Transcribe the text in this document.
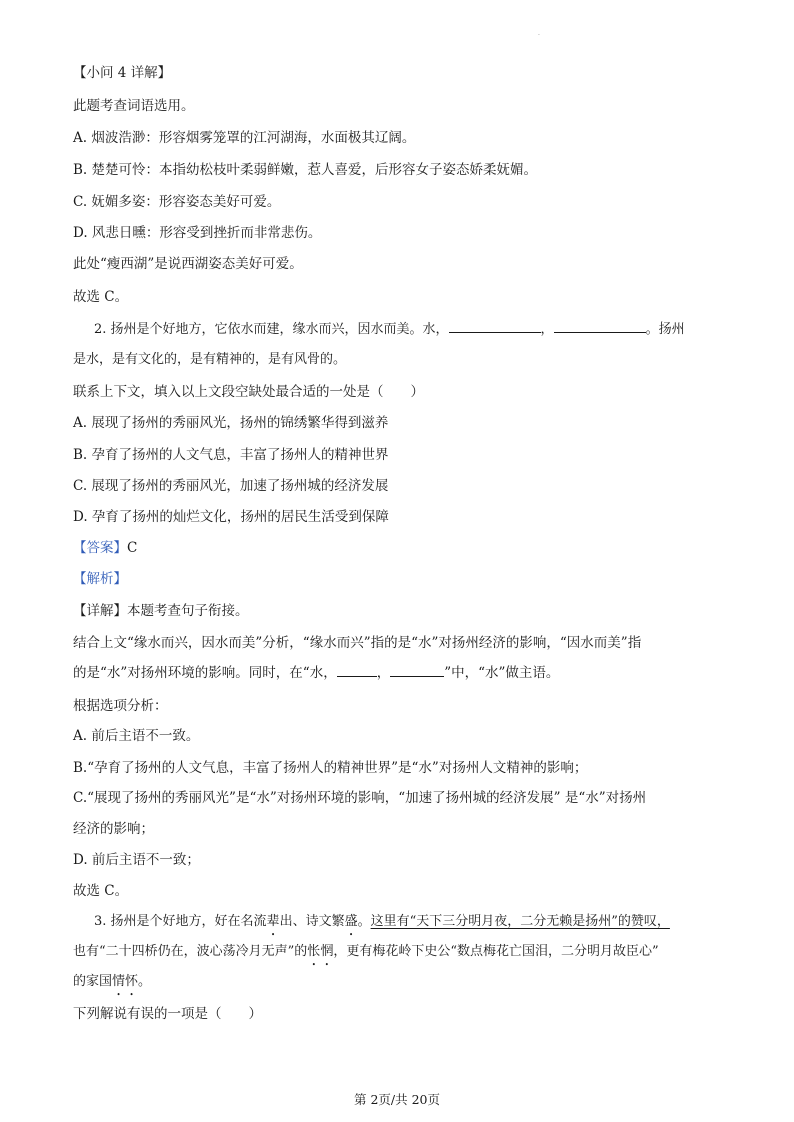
.
【小问 4 详解】
此题考查词语选用。
A. 烟波浩渺：形容烟雾笼罩的江河湖海，水面极其辽阔。
B. 楚楚可怜：本指幼松枝叶柔弱鲜嫩，惹人喜爱，后形容女子姿态娇柔妩媚。
C. 妩媚多姿：形容姿态美好可爱。
D. 风悲日曛：形容受到挫折而非常悲伤。
此处“瘦西湖”是说西湖姿态美好可爱。
故选 C。
2. 扬州是个好地方，它依水而建，缘水而兴，因水而美。水，	，	。扬州
是水，是有文化的，是有精神的，是有风骨的。
联系上下文，填入以上文段空缺处最合适的一处是（　　）
A. 展现了扬州的秀丽风光，扬州的锦绣繁华得到滋养
B. 孕育了扬州的人文气息，丰富了扬州人的精神世界
C. 展现了扬州的秀丽风光，加速了扬州城的经济发展
D. 孕育了扬州的灿烂文化，扬州的居民生活受到保障
【答案】C
【解析】
【详解】本题考查句子衔接。
结合上文“缘水而兴，因水而美”分析，“缘水而兴”指的是“水”对扬州经济的影响，“因水而美”指
的是“水”对扬州环境的影响。同时，在“水，	，	”中，“水”做主语。
根据选项分析：
A. 前后主语不一致。
B.“孕育了扬州的人文气息，丰富了扬州人的精神世界”是“水”对扬州人文精神的影响；
C.“展现了扬州的秀丽风光”是“水”对扬州环境的影响，“加速了扬州城的经济发展” 是“水”对扬州
经济的影响；
D. 前后主语不一致；
故选 C。
3. 扬州是个好地方，好在名流辈出、诗文繁盛。这里有“天下三分明月夜，二分无赖是扬州”的赞叹，
也有“二十四桥仍在，波心荡冷月无声”的怅惘，更有梅花岭下史公“数点梅花亡国泪，二分明月故臣心”
的家国情怀。
下列解说有误的一项是（　　）
第 2页/共 20页
